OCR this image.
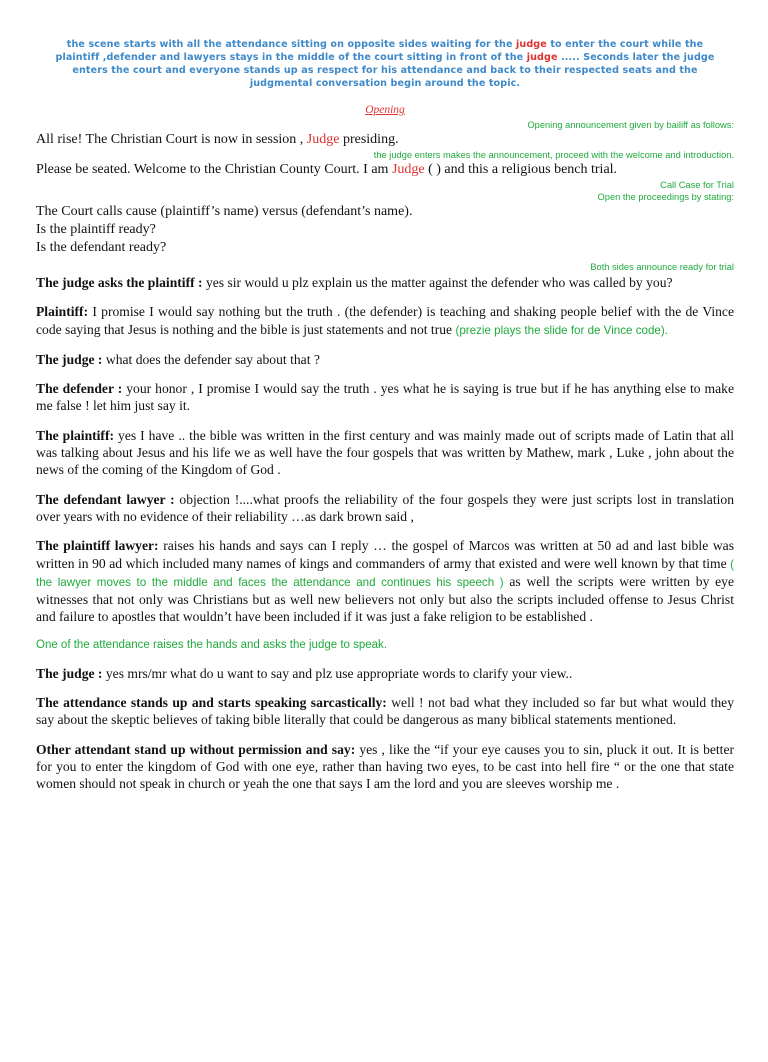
the scene starts with all the attendance sitting on opposite sides waiting for the judge to enter the court while the plaintiff ,defender and lawyers stays in the middle of the court sitting in front of the judge ..... Seconds later the judge enters the court and everyone stands up as respect for his attendance and back to their respected seats and the judgmental conversation begin around the topic.
Opening
Opening announcement given by bailiff as follows:
All rise! The Christian Court is now in session , Judge presiding.
the judge enters makes the announcement, proceed with the welcome and introduction.
Please be seated. Welcome to the Christian County Court. I am Judge ( ) and this a religious bench trial.
Call Case for Trial
Open the proceedings by stating:
The Court calls cause (plaintiff’s name) versus (defendant’s name).
Is the plaintiff ready?
Is the defendant ready?
Both sides announce ready for trial

The judge asks the plaintiff : yes sir would u plz explain us the matter against the defender who was called by you?

Plaintiff: I promise I would say nothing but the truth . (the defender) is teaching and shaking people belief with the de Vince code saying that Jesus is nothing and the bible is just statements and not true (prezie plays the slide for de Vince code).

The judge : what does the defender say about that ?

The defender : your honor , I promise I would say the truth . yes what he is saying is true but if he has anything else to make me false ! let him just say it.

The plaintiff: yes I have .. the bible was written in the first century and was mainly made out of scripts made of Latin that all was talking about Jesus and his life we as well have the four gospels that was written by Mathew, mark , Luke , john about the news of the coming of the Kingdom of God .

The defendant lawyer : objection !....what proofs the reliability of the four gospels they were just scripts lost in translation over years with no evidence of their reliability …as dark brown said ,

The plaintiff lawyer: raises his hands and says can I reply … the gospel of Marcos was written at 50 ad and last bible was written in 90 ad which included many names of kings and commanders of army that existed and were well known by that time ( the lawyer moves to the middle and faces the attendance and continues his speech ) as well the scripts were written by eye witnesses that not only was Christians but as well new believers not only but also the scripts included offense to Jesus Christ and failure to apostles that wouldn’t have been included if it was just a fake religion to be established .

One of the attendance raises the hands and asks the judge to speak.

The judge : yes mrs/mr what do u want to say and plz use appropriate words to clarify your view..

The attendance stands up and starts speaking sarcastically: well ! not bad what they included so far but what would they say about the skeptic believes of taking bible literally that could be dangerous as many biblical statements mentioned.

Other attendant stand up without permission and say: yes , like the “if your eye causes you to sin, pluck it out. It is better for you to enter the kingdom of God with one eye, rather than having two eyes, to be cast into hell fire “ or the one that state women should not speak in church or yeah the one that says I am the lord and you are sleeves worship me .
